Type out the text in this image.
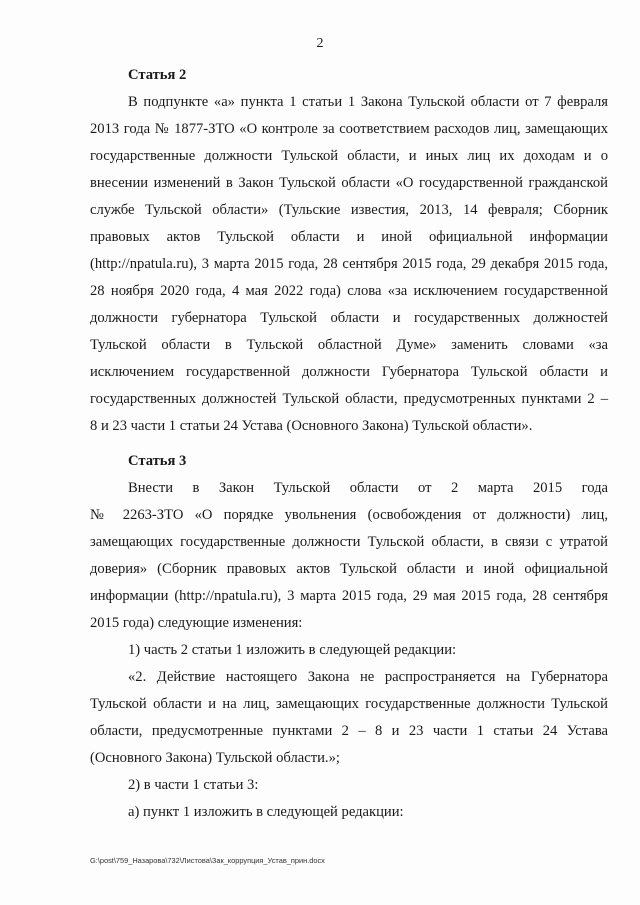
2

Статья 2

В подпункте «а» пункта 1 статьи 1 Закона Тульской области от 7 февраля
2013 года № 1877-ЗТО «О контроле за соответствием расходов лиц, замещающих
государственные должности Тульской области, и иных лиц их доходам и о
внесении изменений в Закон Тульской области «О государственной гражданской
службе Тульской области» (Тульские известия, 2013, 14 февраля; Сборник
правовых актов Тульской области и иной официальной информации
(http://npatula.ru), 3 марта 2015 года, 28 сентября 2015 года, 29 декабря 2015 года,
28 ноября 2020 года, 4 мая 2022 года) слова «за исключением государственной
должности губернатора Тульской области и государственных должностей
Тульской области в Тульской областной Думе» заменить словами «за
исключением государственной должности Губернатора Тульской области и
государственных должностей Тульской области, предусмотренных пунктами 2 –
8 и 23 части 1 статьи 24 Устава (Основного Закона) Тульской области».

Статья 3

Внести в Закон Тульской области от 2 марта 2015 года
№ 2263-ЗТО «О порядке увольнения (освобождения от должности) лиц,
замещающих государственные должности Тульской области, в связи с утратой
доверия» (Сборник правовых актов Тульской области и иной официальной
информации (http://npatula.ru), 3 марта 2015 года, 29 мая 2015 года, 28 сентября
2015 года) следующие изменения:
1) часть 2 статьи 1 изложить в следующей редакции:
«2. Действие настоящего Закона не распространяется на Губернатора
Тульской области и на лиц, замещающих государственные должности Тульской
области, предусмотренные пунктами 2 – 8 и 23 части 1 статьи 24 Устава
(Основного Закона) Тульской области.»;
2) в части 1 статьи 3:
а) пункт 1 изложить в следующей редакции:
G:\post\759_Назарова\732\Листова\Зак_коррупция_Устав_прин.docx
